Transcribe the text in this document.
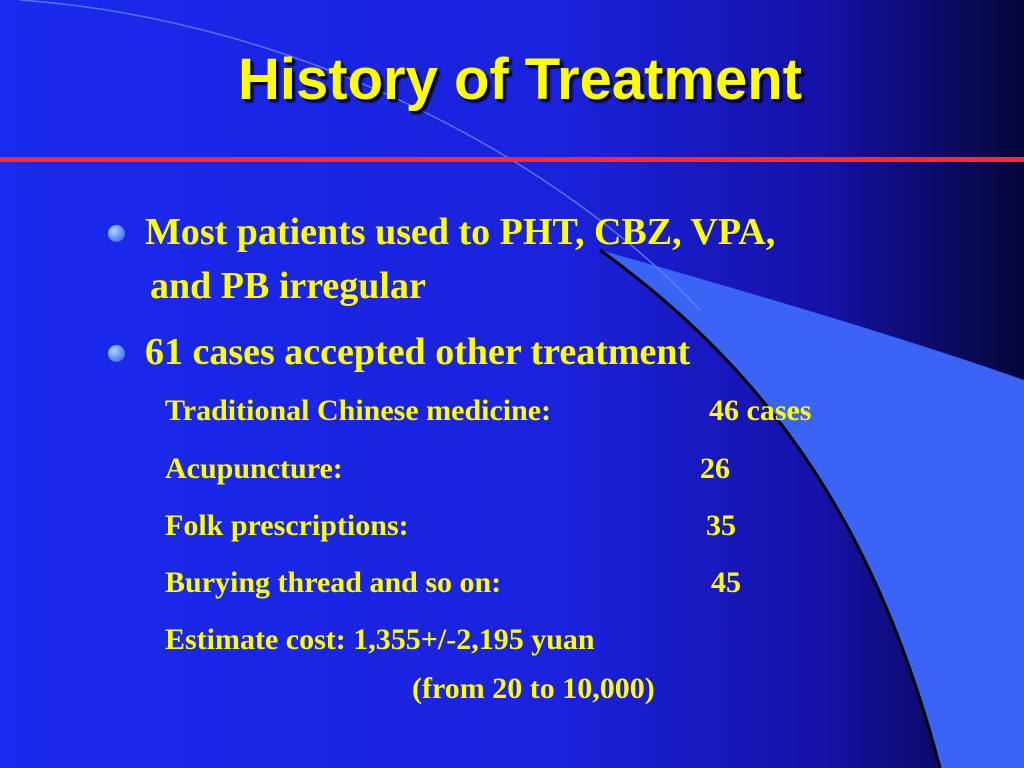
History of Treatment
Most patients used to PHT, CBZ, VPA,
and PB irregular
61 cases accepted other treatment
Traditional Chinese medicine:	46 cases
Acupuncture:	26
Folk prescriptions:	35
Burying thread and so on:	45
Estimate cost: 1,355+/-2,195 yuan
(from 20 to 10,000)
